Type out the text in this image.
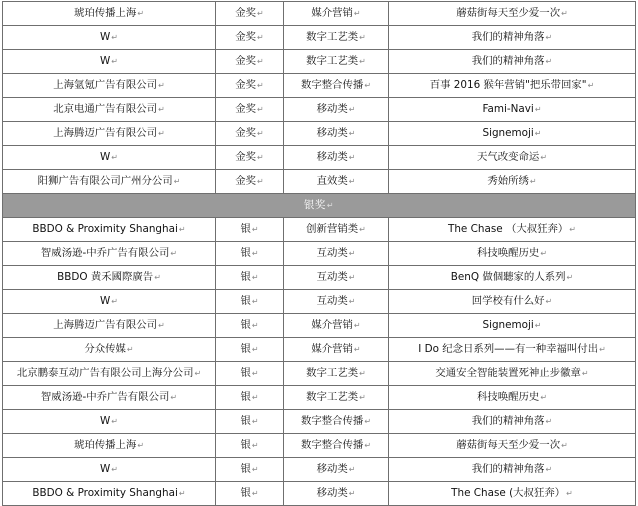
琥珀传播上海↵	金奖↵	媒介营销↵	蘑菇街每天至少爱一次↵
W↵	金奖↵	数字工艺类↵	我们的精神角落↵
W↵	金奖↵	数字工艺类↵	我们的精神角落↵
上海氩氪广告有限公司↵	金奖↵	数字整合传播↵	百事 2016 猴年营销"把乐带回家"↵
北京电通广告有限公司↵	金奖↵	移动类↵	Fami-Navi↵
上海腾迈广告有限公司↵	金奖↵	移动类↵	Signemoji↵
W↵	金奖↵	移动类↵	天气改变命运↵
阳狮广告有限公司广州分公司↵	金奖↵	直效类↵	秀始所绣↵
银奖↵			
BBDO & Proximity Shanghai↵	银↵	创新营销类↵	The Chase （大叔狂奔）↵
智威汤逊-中乔广告有限公司↵	银↵	互动类↵	科技唤醒历史↵
BBDO 黄禾國際廣告↵	银↵	互动类↵	BenQ 做個聽家的人系列↵
W↵	银↵	互动类↵	回学校有什么好↵
上海腾迈广告有限公司↵	银↵	媒介营销↵	Signemoji↵
分众传媒↵	银↵	媒介营销↵	I Do 纪念日系列——有一种幸福叫付出↵
北京鹏泰互动广告有限公司上海分公司↵	银↵	数字工艺类↵	交通安全智能装置死神止步徽章↵
智威汤逊-中乔广告有限公司↵	银↵	数字工艺类↵	科技唤醒历史↵
W↵	银↵	数字整合传播↵	我们的精神角落↵
琥珀传播上海↵	银↵	数字整合传播↵	蘑菇街每天至少爱一次↵
W↵	银↵	移动类↵	我们的精神角落↵
BBDO & Proximity Shanghai↵	银↵	移动类↵	The Chase (大叔狂奔）↵
